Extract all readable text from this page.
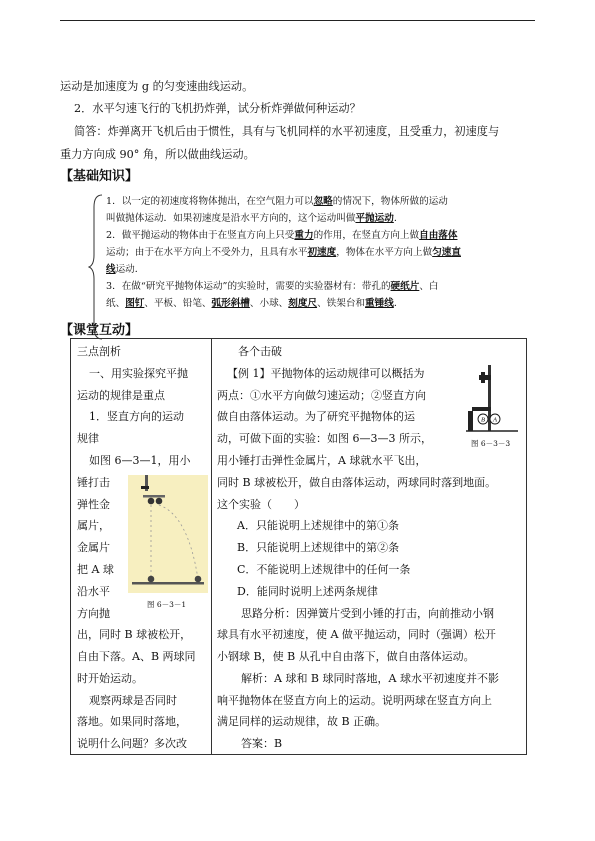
运动是加速度为 g 的匀变速曲线运动。
2．水平匀速飞行的飞机扔炸弹，试分析炸弹做何种运动？
简答：炸弹离开飞机后由于惯性，具有与飞机同样的水平初速度，且受重力，初速度与
重力方向成 90° 角，所以做曲线运动。
【基础知识】
1．以一定的初速度将物体抛出，在空气阻力可以忽略的情况下，物体所做的运动
叫做抛体运动．如果初速度是沿水平方向的，这个运动叫做平抛运动．
2．做平抛运动的物体由于在竖直方向上只受重力的作用，在竖直方向上做自由落体
运动；由于在水平方向上不受外力，且具有水平初速度，物体在水平方向上做匀速直
线运动．
3．在做“研究平抛物体运动”的实验时，需要的实验器材有：带孔的硬纸片、白
纸、图钉、平板、铅笔、弧形斜槽、小球、刻度尺、铁架台和重锤线．
【课堂互动】
三点剖析
一、用实验探究平抛
运动的规律是重点
1．竖直方向的运动
规律
如图 6—3—1，用小
锤打击
弹性金
属片，
金属片
把 A 球
沿水平
方向抛
出，同时 B 球被松开，
自由下落。A、B 两球同
时开始运动。
观察两球是否同时
落地。如果同时落地，
说明什么问题？多次改
图 6－3－1
各个击破
【例 1】平抛物体的运动规律可以概括为
两点：①水平方向做匀速运动；②竖直方向
做自由落体运动。为了研究平抛物体的运
动，可做下面的实验：如图 6—3—3 所示，
用小锤打击弹性金属片，A 球就水平飞出，
同时 B 球被松开，做自由落体运动，两球同时落到地面。
这个实验（　　）
A．只能说明上述规律中的第①条
B．只能说明上述规律中的第②条
C．不能说明上述规律中的任何一条
D．能同时说明上述两条规律
思路分析：因弹簧片受到小锤的打击，向前推动小钢
球具有水平初速度，使 A 做平抛运动，同时（强调）松开
小钢球 B，使 B 从孔中自由落下，做自由落体运动。
解析：A 球和 B 球同时落地，A 球水平初速度并不影
响平抛物体在竖直方向上的运动。说明两球在竖直方向上
满足同样的运动规律，故 B 正确。
答案：B
B A
图 6－3－3
